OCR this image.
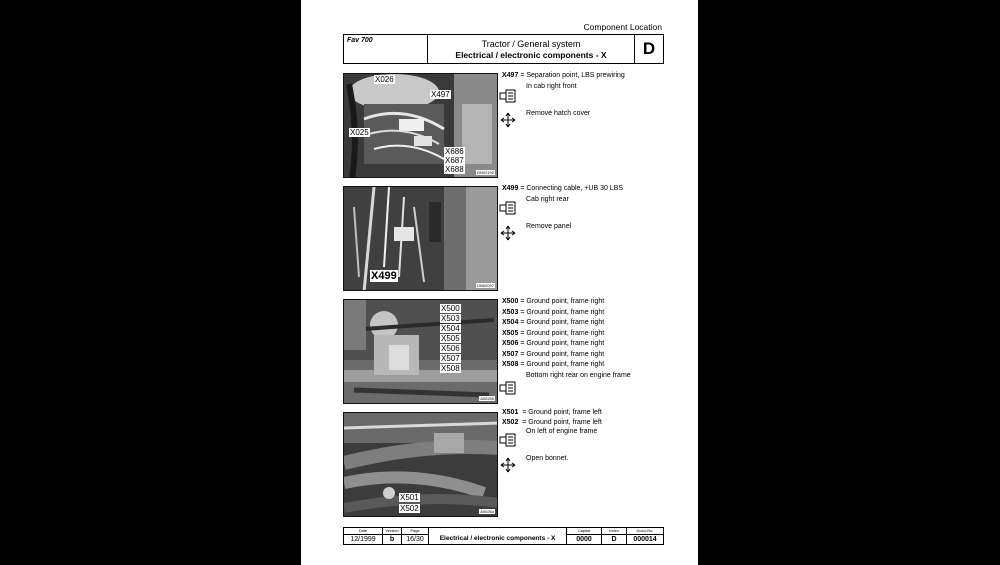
Component Location
Fav 700	Tractor / General system
Electrical / electronic components - X	D
X026
X497
X025
X686
X687
X688	DN02192
X499
DN02097
X500
X503
X504
X505
X506
X507
X508
A00265
X501
X502	A00264
X497 = Separation point, LBS prewiring
In cab right front
Remove hatch cover
X499 = Connecting cable, +UB 30 LBS
Cab right rear
Remove panel
X500 = Ground point, frame right
X503 = Ground point, frame right
X504 = Ground point, frame right
X505 = Ground point, frame right
X506 = Ground point, frame right
X507 = Ground point, frame right
X508 = Ground point, frame right
Bottom right rear on engine frame
X501 = Ground point, frame left
X502 = Ground point, frame left
On left of engine frame
Open bonnet.
Date
12/1999
Version
b
Page
16/30	Electrical / electronic components - X
Capital
0000
Index
D
Docu-No.
000014
